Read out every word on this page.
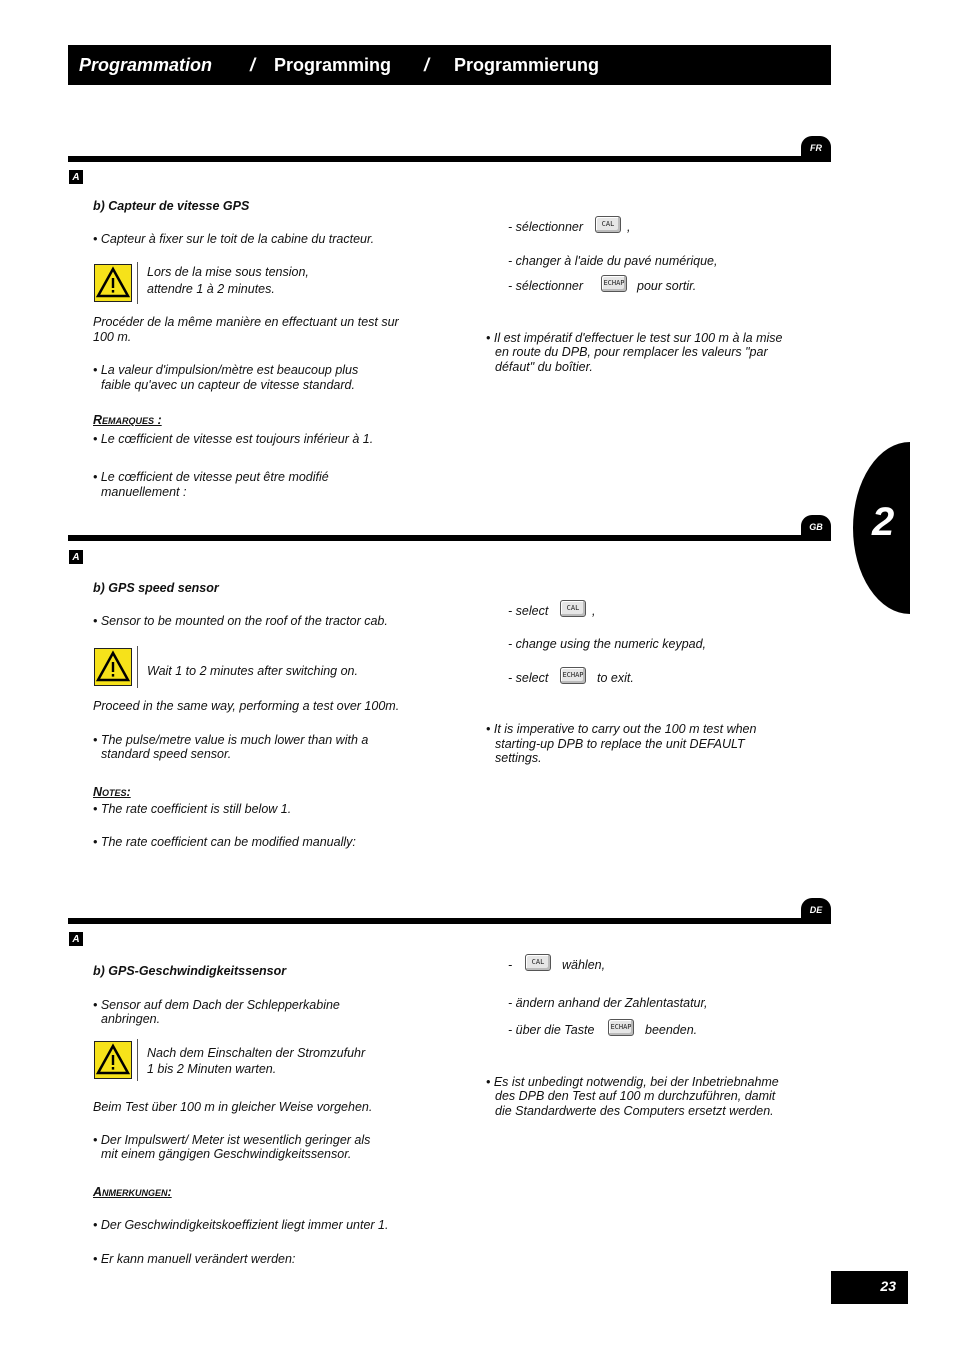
Programmation / Programming / Programmierung
2
FR
A
b) Capteur de vitesse GPS
• Capteur à fixer sur le toit de la cabine du tracteur.
Lors de la mise sous tension,
attendre 1 à 2 minutes.
Procéder de la même manière en effectuant un test sur
100 m.
• La valeur d'impulsion/mètre est beaucoup plus
faible qu'avec un capteur de vitesse standard.
Remarques :
• Le cœfficient de vitesse est toujours inférieur à 1.
• Le cœfficient de vitesse peut être modifié
manuellement :
- sélectionner	CAL	,
- changer à l'aide du pavé numérique,
- sélectionner	ECHAP pour sortir.
• Il est impératif d'effectuer le test sur 100 m à la mise
en route du DPB, pour remplacer les valeurs "par
défaut" du boîtier.
GB
A
b) GPS speed sensor
• Sensor to be mounted on the roof of the tractor cab.
Wait 1 to 2 minutes after switching on.
Proceed in the same way, performing a test over 100m.
• The pulse/metre value is much lower than with a
standard speed sensor.
Notes:
• The rate coefficient is still below 1.
• The rate coefficient can be modified manually:
- select	CAL	,
- change using the numeric keypad,
- select	ECHAP to exit.
• It is imperative to carry out the 100 m test when
starting-up DPB to replace the unit DEFAULT
settings.
DE
A
b) GPS-Geschwindigkeitssensor
• Sensor auf dem Dach der Schlepperkabine
anbringen.
Nach dem Einschalten der Stromzufuhr
1 bis 2 Minuten warten.
Beim Test über 100 m in gleicher Weise vorgehen.
• Der Impulswert/ Meter ist wesentlich geringer als
mit einem gängigen Geschwindigkeitssensor.
Anmerkungen:
• Der Geschwindigkeitskoeffizient liegt immer unter 1.
• Er kann manuell verändert werden:
-	CAL	wählen,
- ändern anhand der Zahlentastatur,
- über die Taste	ECHAP beenden.
• Es ist unbedingt notwendig, bei der Inbetriebnahme
des DPB den Test auf 100 m durchzuführen, damit
die Standardwerte des Computers ersetzt werden.
23
